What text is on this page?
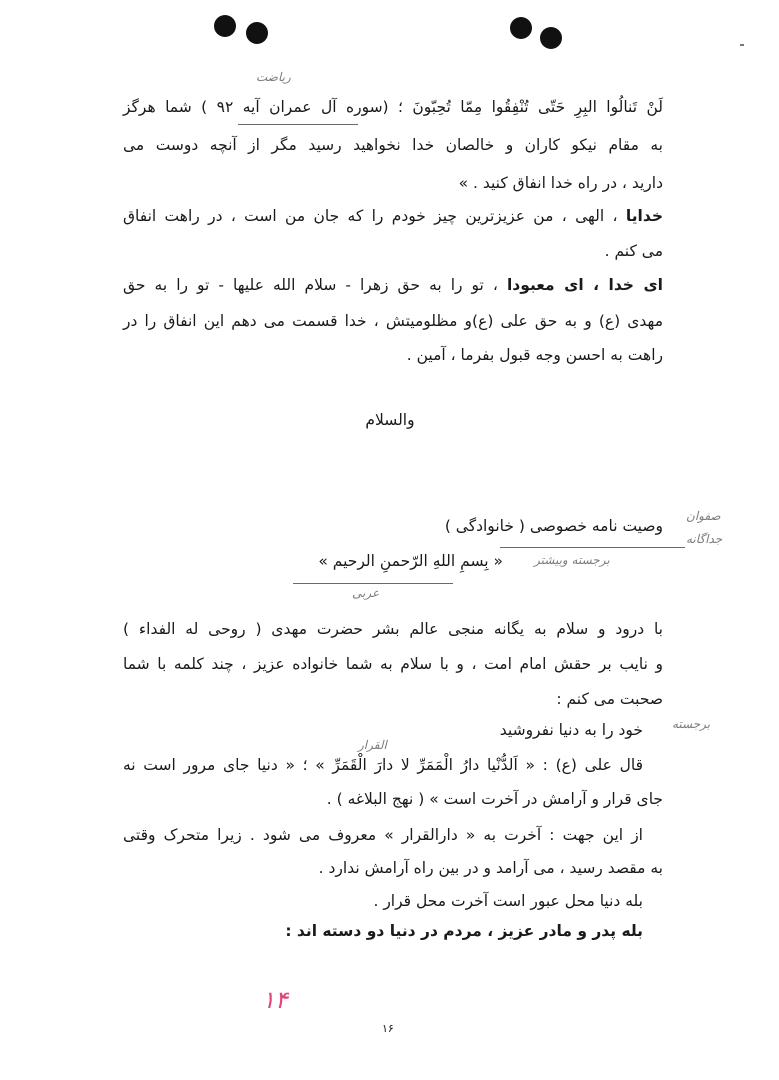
ریاضت
لَنْ تَنالُوا البِرِ حَتّى تُنْفِقُوا مِمّا تُحِبّونَ ؛ (سوره آل عمران آیه ۹۲ ) شما هرگز
به مقام نیکو کاران و خالصان خدا نخواهید رسید مگر از آنچه دوست می
دارید ، در راه خدا انفاق کنید . »
خدایا ، الهی ، من عزیزترین چیز خودم را که جان من است ، در راهت انفاق
می کنم .
ای خدا ، ای معبودا ، تو را به حق زهرا - سلام الله علیها - تو را به حق
مهدی (ع) و به حق علی (ع)و مظلومیتش ، خدا قسمت می دهم این انفاق را در
راهت به احسن وجه قبول بفرما ، آمین .
والسلام
وصیت نامه خصوصی ( خانوادگی )
صفوان
جداگانه
« بِسمِ اللهِ الرّحمنِ الرحیم »	برجسته وبیشتر
عربی
با درود و سلام به یگانه منجی عالم بشر حضرت مهدی ( روحی له الفداء )
و نایب بر حقش امام امت ، و با سلام به شما خانواده عزیز ، چند کلمه با شما
صحبت می کنم :
خود را به دنیا نفروشید برجسته
القرار
قال علی (ع) : « اَلدُّنْیا دارُ الْمَمَرِّ لا دارَ الْقَمَرِّ » ؛ « دنیا جای مرور است نه
جای قرار و آرامش در آخرت است » ( نهج البلاغه ) .
از این جهت : آخرت به « دارالقرار » معروف می شود . زیرا متحرک وقتی
به مقصد رسید ، می آرامد و در بین راه آرامش ندارد .
بله دنیا محل عبور است آخرت محل قرار .
بله پدر و مادر عزیز ، مردم در دنیا دو دسته اند :
۱۴
۱۶
